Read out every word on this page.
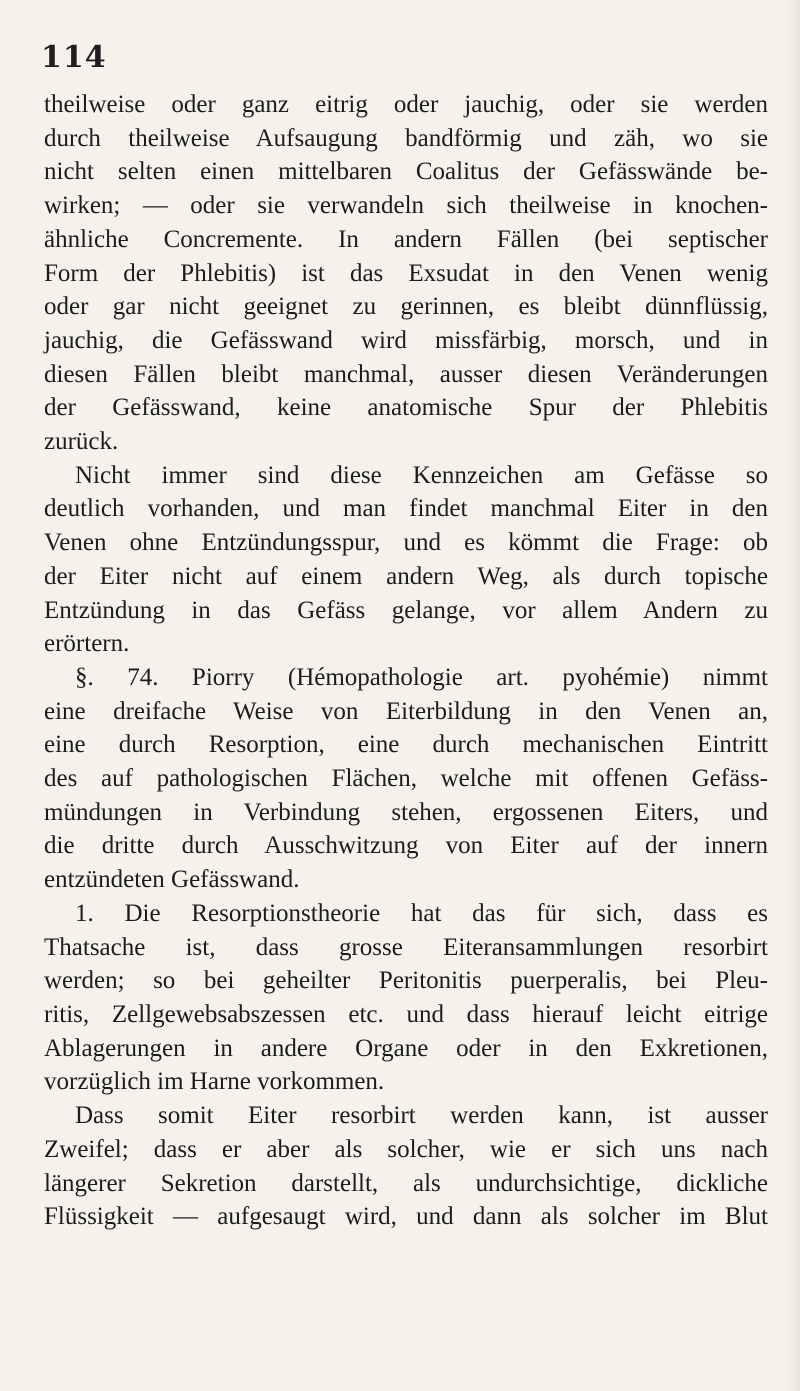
114
theilweise oder ganz eitrig oder jauchig, oder sie werden
durch theilweise Aufsaugung bandförmig und zäh, wo sie
nicht selten einen mittelbaren Coalitus der Gefässwände be-
wirken; — oder sie verwandeln sich theilweise in knochen-
ähnliche Concremente. In andern Fällen (bei septischer
Form der Phlebitis) ist das Exsudat in den Venen wenig
oder gar nicht geeignet zu gerinnen, es bleibt dünnflüssig,
jauchig, die Gefässwand wird missfärbig, morsch, und in
diesen Fällen bleibt manchmal, ausser diesen Veränderungen
der Gefässwand, keine anatomische Spur der Phlebitis
zurück.
Nicht immer sind diese Kennzeichen am Gefässe so
deutlich vorhanden, und man findet manchmal Eiter in den
Venen ohne Entzündungsspur, und es kömmt die Frage: ob
der Eiter nicht auf einem andern Weg, als durch topische
Entzündung in das Gefäss gelange, vor allem Andern zu
erörtern.
§. 74. Piorry (Hémopathologie art. pyohémie) nimmt
eine dreifache Weise von Eiterbildung in den Venen an,
eine durch Resorption, eine durch mechanischen Eintritt
des auf pathologischen Flächen, welche mit offenen Gefäss-
mündungen in Verbindung stehen, ergossenen Eiters, und
die dritte durch Ausschwitzung von Eiter auf der innern
entzündeten Gefässwand.
1. Die Resorptionstheorie hat das für sich, dass es
Thatsache ist, dass grosse Eiteransammlungen resorbirt
werden; so bei geheilter Peritonitis puerperalis, bei Pleu-
ritis, Zellgewebsabszessen etc. und dass hierauf leicht eitrige
Ablagerungen in andere Organe oder in den Exkretionen,
vorzüglich im Harne vorkommen.
Dass somit Eiter resorbirt werden kann, ist ausser
Zweifel; dass er aber als solcher, wie er sich uns nach
längerer Sekretion darstellt, als undurchsichtige, dickliche
Flüssigkeit — aufgesaugt wird, und dann als solcher im Blut
